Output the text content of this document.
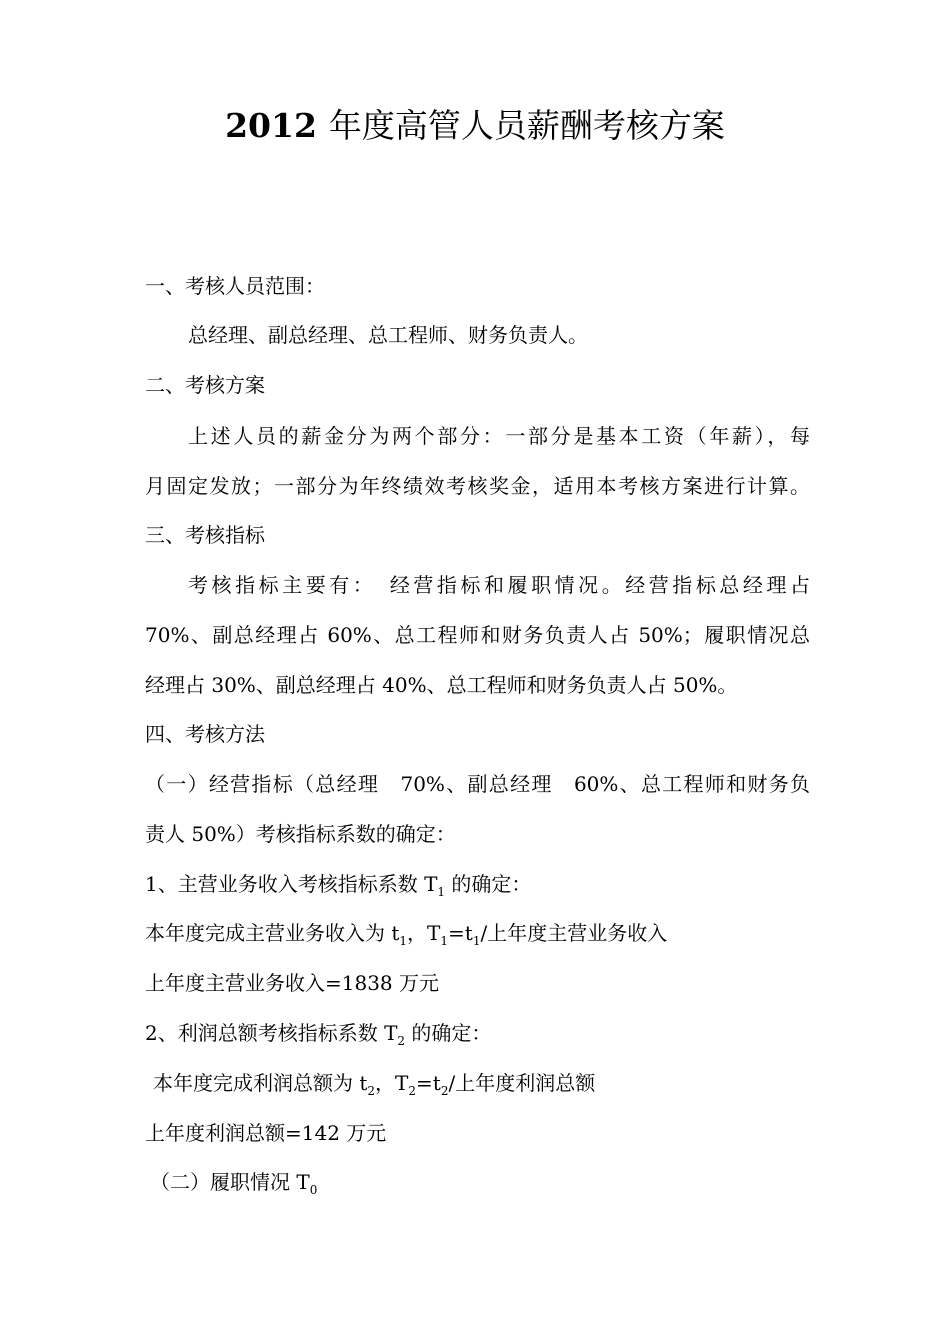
2012 年度高管人员薪酬考核方案
一、考核人员范围：
总经理、副总经理、总工程师、财务负责人。
二、考核方案
上述人员的薪金分为两个部分：一部分是基本工资（年薪），每
月固定发放；一部分为年终绩效考核奖金，适用本考核方案进行计算。
三、考核指标
考核指标主要有：　经营指标和履职情况。经营指标总经理占
70%、副总经理占 60%、总工程师和财务负责人占 50%；履职情况总
经理占 30%、副总经理占 40%、总工程师和财务负责人占 50%。
四、考核方法
（一）经营指标（总经理　70%、副总经理　60%、总工程师和财务负
责人 50%）考核指标系数的确定：
1、主营业务收入考核指标系数 $T_1$ 的确定：
本年度完成主营业务收入为 $t_1$，$T_1=t_1/$上年度主营业务收入
上年度主营业务收入=1838 万元
2、利润总额考核指标系数 $T_2$ 的确定：
本年度完成利润总额为 $t_2$，$T_2=t_2/$上年度利润总额
上年度利润总额=142 万元
（二）履职情况 $T_0$
